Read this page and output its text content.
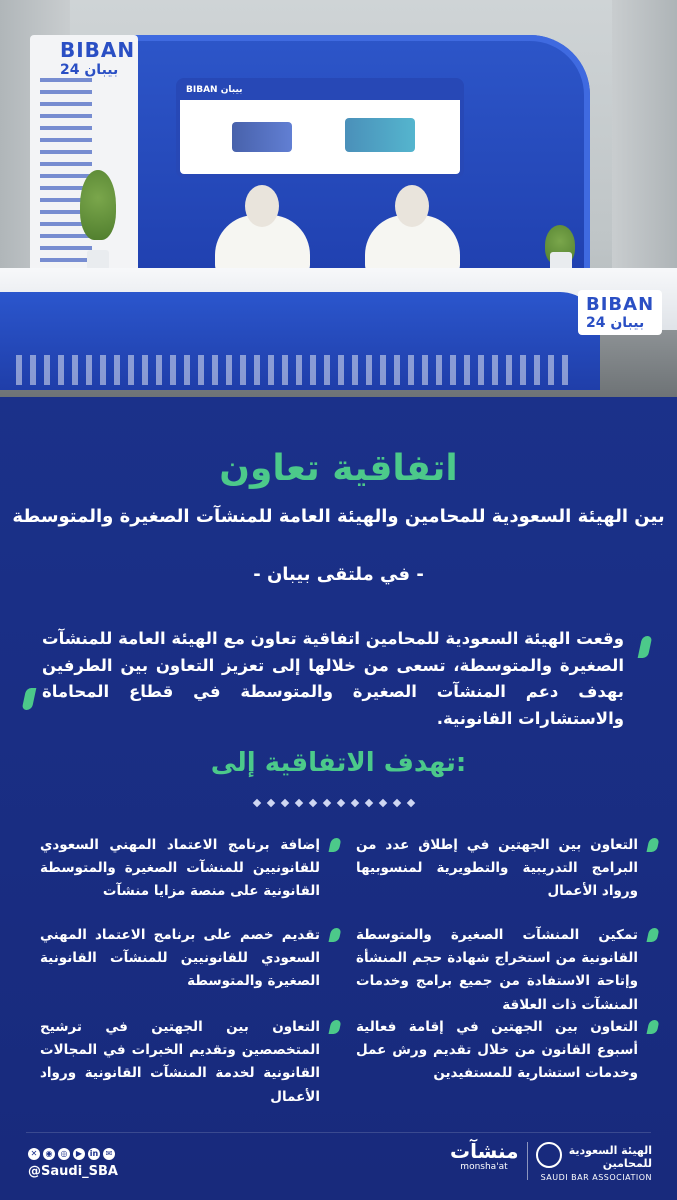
BIBAN
بيبان 24
BIBAN بيبان
BIBAN
بيبان 24
اتفاقية تعاون
بين الهيئة السعودية للمحامين والهيئة العامة للمنشآت الصغيرة والمتوسطة
- في ملتقى بيبان -
وقعت الهيئة السعودية للمحامين اتفاقية تعاون مع الهيئة العامة للمنشآت الصغيرة والمتوسطة، تسعى من خلالها إلى تعزيز التعاون بين الطرفين بهدف دعم المنشآت الصغيرة والمتوسطة في قطاع المحاماة والاستشارات القانونية.
تهدف الاتفاقية إلى:
التعاون بين الجهتين في إطلاق عدد من البرامج التدريبية والتطويرية لمنسوبيها ورواد الأعمال
إضافة برنامج الاعتماد المهني السعودي للقانونيين للمنشآت الصغيرة والمتوسطة القانونية على منصة مزايا منشآت
تمكين المنشآت الصغيرة والمتوسطة القانونية من استخراج شهادة حجم المنشأة وإتاحة الاستفادة من جميع برامج وخدمات المنشآت ذات العلاقة
تقديم خصم على برنامج الاعتماد المهني السعودي للقانونيين للمنشآت القانونية الصغيرة والمتوسطة
التعاون بين الجهتين في إقامة فعالية أسبوع القانون من خلال تقديم ورش عمل وخدمات استشارية للمستفيدين
التعاون بين الجهتين في ترشيح المتخصصين وتقديم الخبرات في المجالات القانونية لخدمة المنشآت القانونية ورواد الأعمال
✕	◉	◎	▶ in ✉
@Saudi_SBA
منشآت
monsha'at
الهيئة السعودية للمحامين
SAUDI BAR ASSOCIATION
